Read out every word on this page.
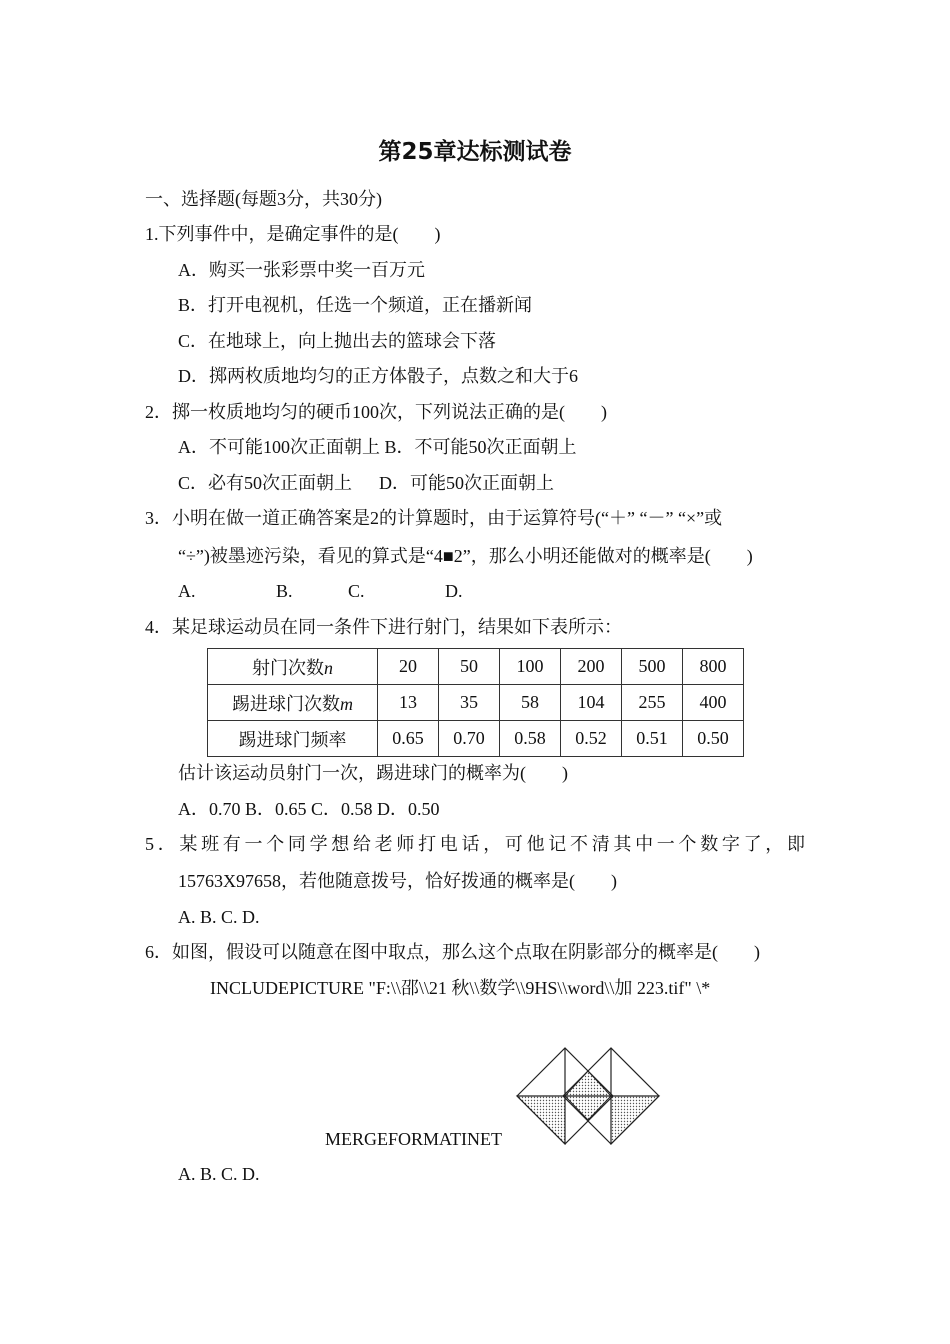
第25章达标测试卷
一、选择题(每题3分，共30分)
1.下列事件中，是确定事件的是(　　)
A．购买一张彩票中奖一百万元
B．打开电视机，任选一个频道，正在播新闻
C．在地球上，向上抛出去的篮球会下落
D．掷两枚质地均匀的正方体骰子，点数之和大于6
2．掷一枚质地均匀的硬币100次，下列说法正确的是(　　)
A．不可能100次正面朝上 B．不可能50次正面朝上
C．必有50次正面朝上 　 D．可能50次正面朝上
3．小明在做一道正确答案是2的计算题时，由于运算符号(“＋” “－” “×”或
“÷”)被墨迹污染，看见的算式是“4■2”，那么小明还能做对的概率是(　　)
A.	B.	C.	D.
4．某足球运动员在同一条件下进行射门，结果如下表所示：
射门次数n	20	50	100	200	500	800
踢进球门次数m	13	35	58	104	255	400
踢进球门频率	0.65	0.70	0.58	0.52	0.51	0.50
估计该运动员射门一次，踢进球门的概率为(　　)
A．0.70 B．0.65 C．0.58 D．0.50
5．某班有一个同学想给老师打电话，可他记不清其中一个数字了，即
15763X97658，若他随意拨号，恰好拨通的概率是(　　)
A. B. C. D.
6．如图，假设可以随意在图中取点，那么这个点取在阴影部分的概率是(　　)
INCLUDEPICTURE "F:\\邵\\21 秋\\数学\\9HS\\word\\加 223.tif" \*
MERGEFORMATINET
A. B. C. D.
